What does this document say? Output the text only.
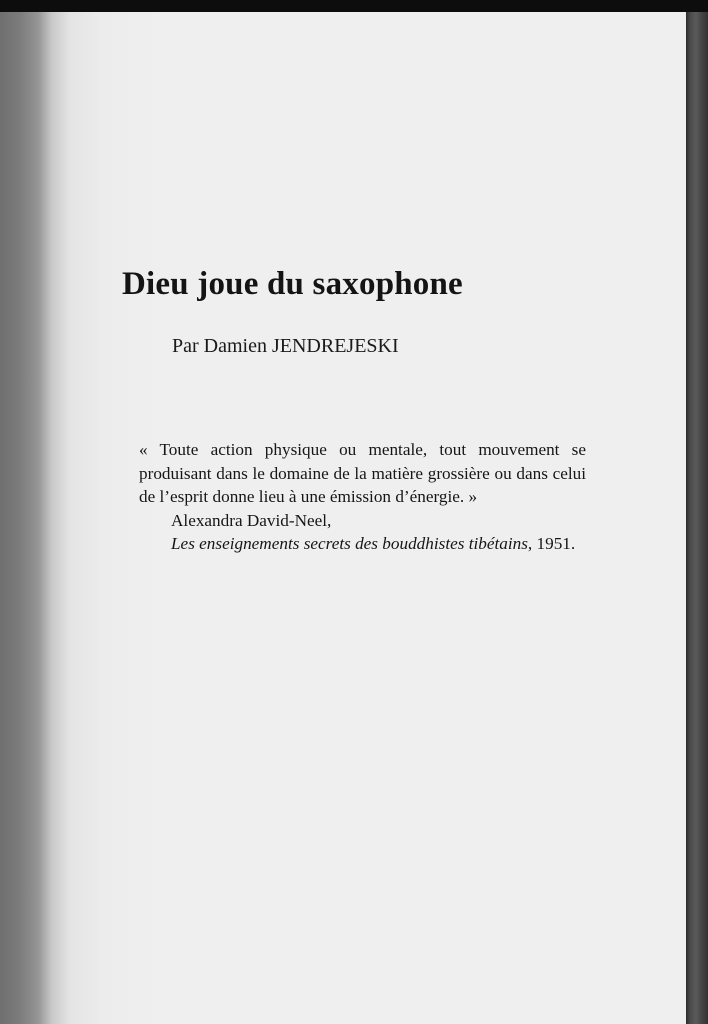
Dieu joue du saxophone
Par Damien JENDREJESKI

« Toute action physique ou mentale, tout mouvement se produisant dans le domaine de la matière grossière ou dans celui de l’esprit donne lieu à une émission d’énergie. »

Alexandra David-Neel,

Les enseignements secrets des bouddhistes tibétains, 1951.
